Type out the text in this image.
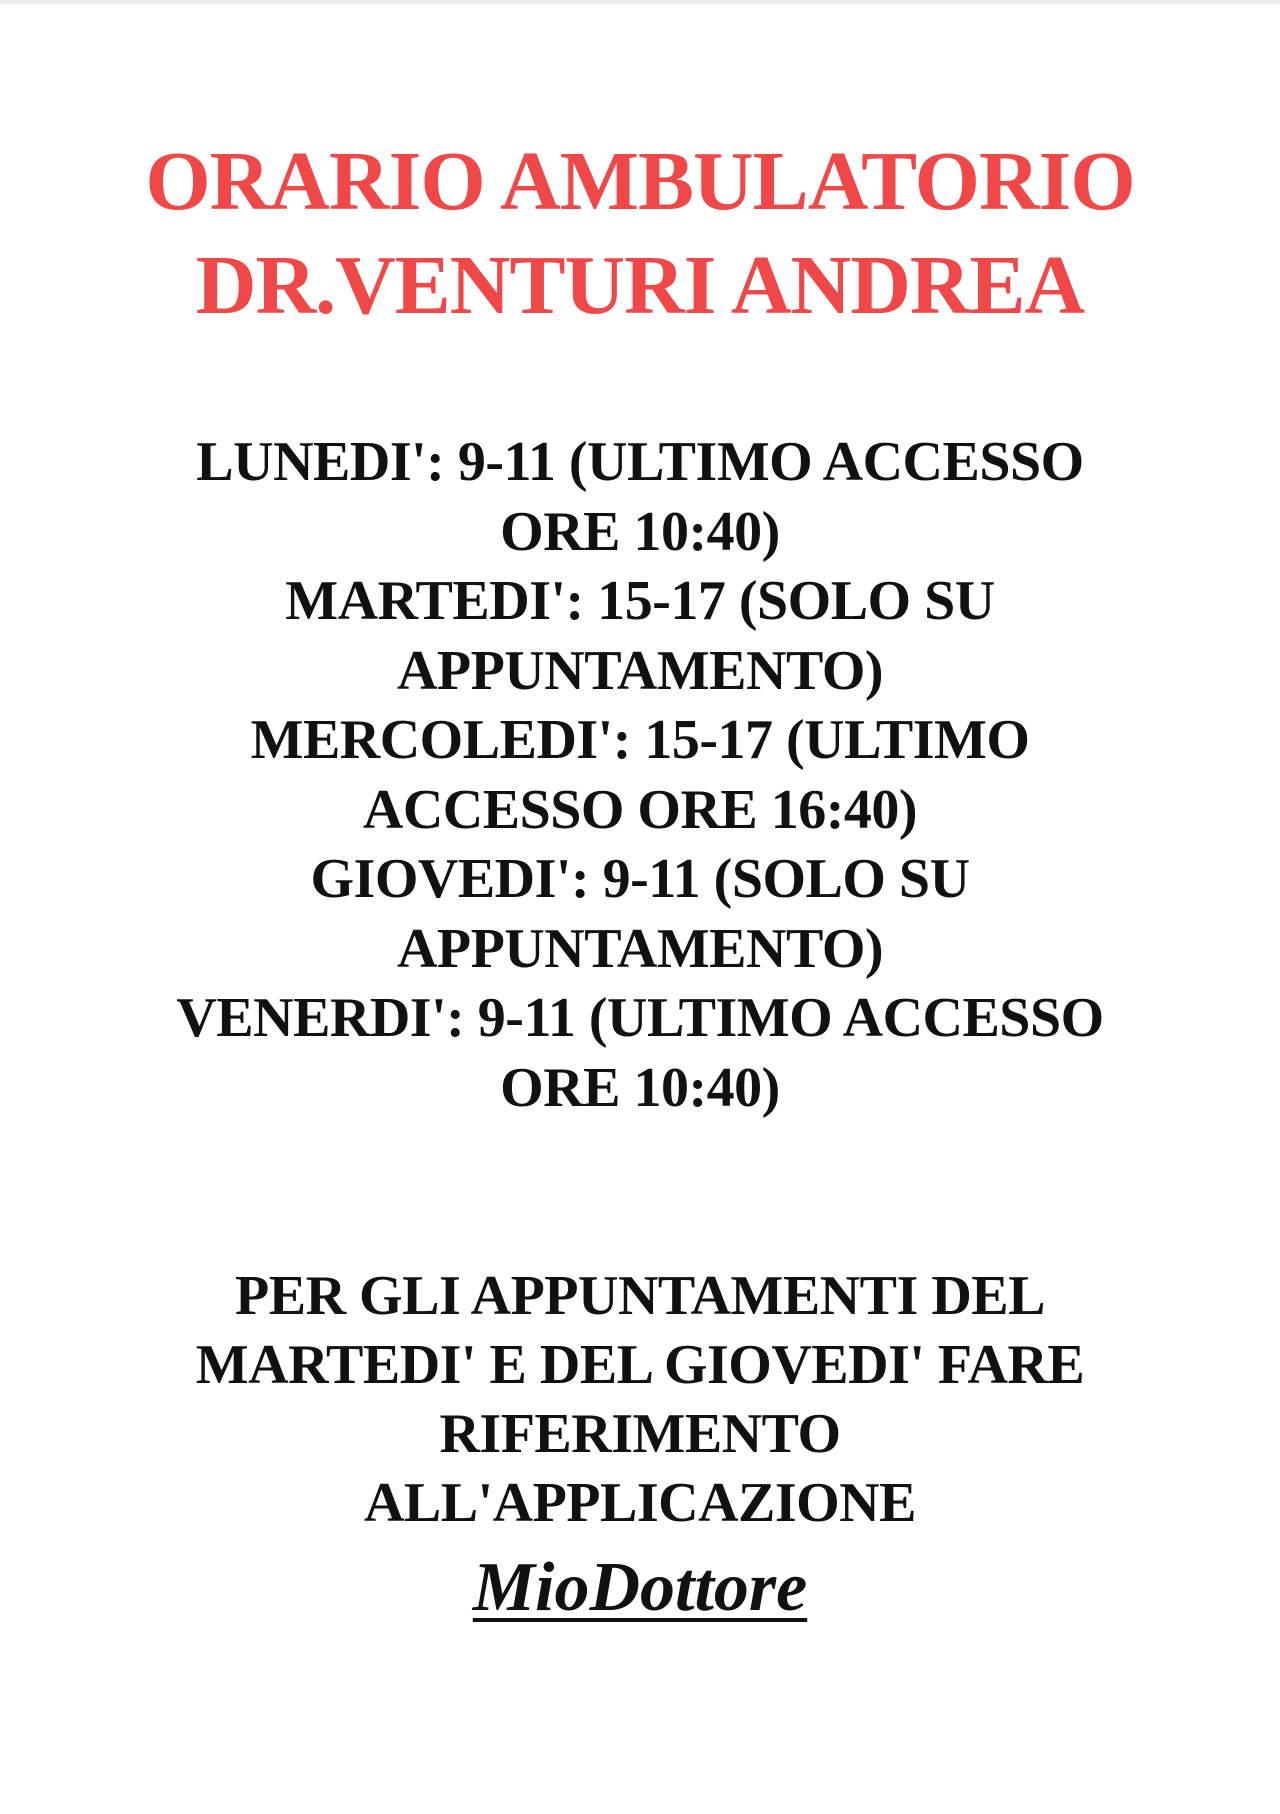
ORARIO AMBULATORIO
DR.VENTURI ANDREA
LUNEDI': 9-11 (ULTIMO ACCESSO
ORE 10:40)
MARTEDI': 15-17 (SOLO SU
APPUNTAMENTO)
MERCOLEDI': 15-17 (ULTIMO
ACCESSO ORE 16:40)
GIOVEDI': 9-11 (SOLO SU
APPUNTAMENTO)
VENERDI': 9-11 (ULTIMO ACCESSO
ORE 10:40)
PER GLI APPUNTAMENTI DEL
MARTEDI' E DEL GIOVEDI' FARE
RIFERIMENTO
ALL'APPLICAZIONE
MioDottore
